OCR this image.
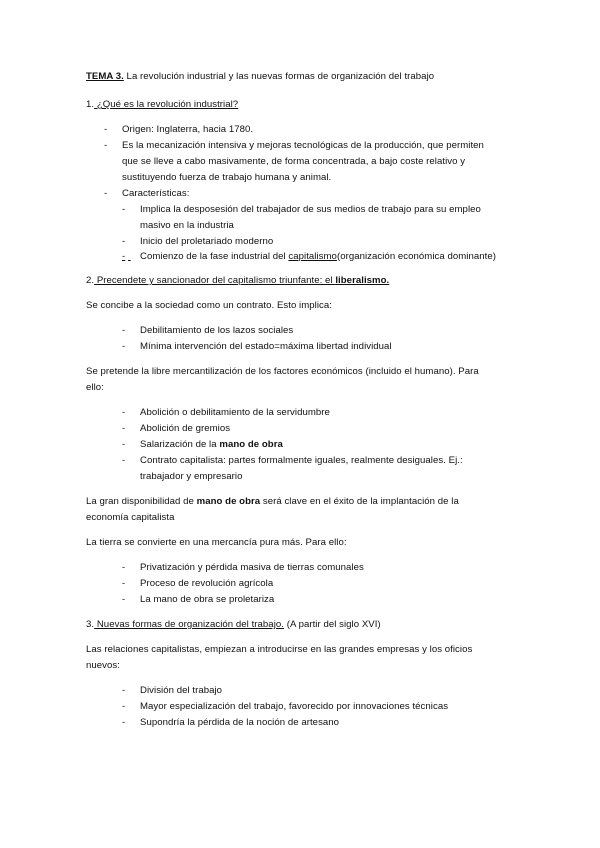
TEMA 3. La revolución industrial y las nuevas formas de organización del trabajo
1. ¿Qué es la revolución industrial?
- Origen: Inglaterra, hacia 1780.
- Es la mecanización intensiva y mejoras tecnológicas de la producción, que permiten
que se lleve a cabo masivamente, de forma concentrada, a bajo coste relativo y
sustituyendo fuerza de trabajo humana y animal.
- Características:
- Implica la desposesión del trabajador de sus medios de trabajo para su empleo
masivo en la industria
- Inicio del proletariado moderno
-	Comienzo de la fase industrial del capitalismo(organización económica dominante)
2. Precendete y sancionador del capitalismo triunfante: el liberalismo.
Se concibe a la sociedad como un contrato. Esto implica:
- Debilitamiento de los lazos sociales
- Mínima intervención del estado=máxima libertad individual
Se pretende la libre mercantilización de los factores económicos (incluido el humano). Para
ello:
- Abolición o debilitamiento de la servidumbre
- Abolición de gremios
- Salarización de la mano de obra
- Contrato capitalista: partes formalmente iguales, realmente desiguales. Ej.:
trabajador y empresario
La gran disponibilidad de mano de obra será clave en el éxito de la implantación de la
economía capitalista
La tierra se convierte en una mercancía pura más. Para ello:
- Privatización y pérdida masiva de tierras comunales
- Proceso de revolución agrícola
- La mano de obra se proletariza
3. Nuevas formas de organización del trabajo. (A partir del siglo XVI)
Las relaciones capitalistas, empiezan a introducirse en las grandes empresas y los oficios
nuevos:
- División del trabajo
- Mayor especialización del trabajo, favorecido por innovaciones técnicas
- Supondría la pérdida de la noción de artesano
